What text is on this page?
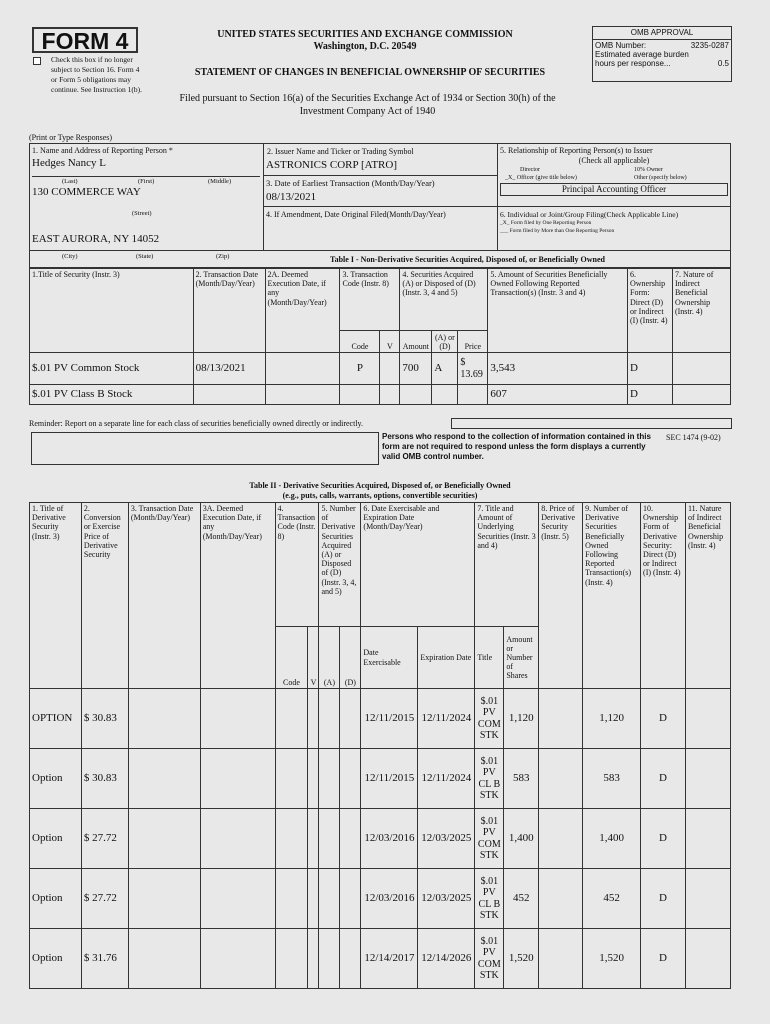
FORM 4
Check this box if no longer subject to Section 16. Form 4 or Form 5 obligations may continue. See Instruction 1(b).
UNITED STATES SECURITIES AND EXCHANGE COMMISSION
Washington, D.C. 20549
STATEMENT OF CHANGES IN BENEFICIAL OWNERSHIP OF SECURITIES
Filed pursuant to Section 16(a) of the Securities Exchange Act of 1934 or Section 30(h) of the
Investment Company Act of 1940
OMB APPROVAL
OMB Number:	3235-0287
Estimated average burden
hours per response...	0.5
(Print or Type Responses)
1. Name and Address of Reporting Person *
Hedges Nancy L
(Last)	(First)	(Middle)
130 COMMERCE WAY
(Street)
EAST AURORA, NY 14052
(City)	(State)	(Zip)
2. Issuer Name and Ticker or Trading Symbol
ASTRONICS CORP [ATRO]
3. Date of Earliest Transaction (Month/Day/Year)
08/13/2021
4. If Amendment, Date Original Filed(Month/Day/Year)
5. Relationship of Reporting Person(s) to Issuer
(Check all applicable)
Director	10% Owner
_X_ Officer (give title below)	Other (specify below)
Principal Accounting Officer
6. Individual or Joint/Group Filing(Check Applicable Line)
_X_ Form filed by One Reporting Person
___ Form filed by More than One Reporting Person
Table I - Non-Derivative Securities Acquired, Disposed of, or Beneficially Owned
1.Title of Security (Instr. 3)	2. Transaction Date (Month/Day/Year)	2A. Deemed Execution Date, if any (Month/Day/Year)	3. Transaction Code (Instr. 8)		4. Securities Acquired (A) or Disposed of (D) (Instr. 3, 4 and 5)			5. Amount of Securities Beneficially Owned Following Reported Transaction(s) (Instr. 3 and 4)	6. Ownership Form: Direct (D) or Indirect (I) (Instr. 4)	7. Nature of Indirect Beneficial Ownership (Instr. 4)
			Code	V	Amount	(A) or (D)	Price			
$.01 PV Common Stock	08/13/2021		P		700	A	$ 13.69	3,543	D	
$.01 PV Class B Stock								607	D	
Reminder: Report on a separate line for each class of securities beneficially owned directly or indirectly.
Persons who respond to the collection of information contained in this form are not required to respond unless the form displays a currently valid OMB control number.
SEC 1474 (9-02)
Table II - Derivative Securities Acquired, Disposed of, or Beneficially Owned
(e.g., puts, calls, warrants, options, convertible securities)
1. Title of Derivative Security (Instr. 3)	2. Conversion or Exercise Price of Derivative Security	3. Transaction Date (Month/Day/Year)	3A. Deemed Execution Date, if any (Month/Day/Year)	4. Transaction Code (Instr. 8)		5. Number of Derivative Securities Acquired (A) or Disposed of (D) (Instr. 3, 4, and 5)		6. Date Exercisable and Expiration Date (Month/Day/Year)		7. Title and Amount of Underlying Securities (Instr. 3 and 4)		8. Price of Derivative Security (Instr. 5)	9. Number of Derivative Securities Beneficially Owned Following Reported Transaction(s) (Instr. 4)	10. Ownership Form of Derivative Security: Direct (D) or Indirect (I) (Instr. 4)	11. Nature of Indirect Beneficial Ownership (Instr. 4)
				Code	V	(A)	(D)	Date Exercisable	Expiration Date	Title	Amount or Number of Shares				
OPTION	$ 30.83							12/11/2015	12/11/2024	$.01 PV COM STK	1,120		1,120	D	
Option	$ 30.83							12/11/2015	12/11/2024	$.01 PV CL B STK	583		583	D	
Option	$ 27.72							12/03/2016	12/03/2025	$.01 PV COM STK	1,400		1,400	D	
Option	$ 27.72							12/03/2016	12/03/2025	$.01 PV CL B STK	452		452	D	
Option	$ 31.76							12/14/2017	12/14/2026	$.01 PV COM STK	1,520		1,520	D	
